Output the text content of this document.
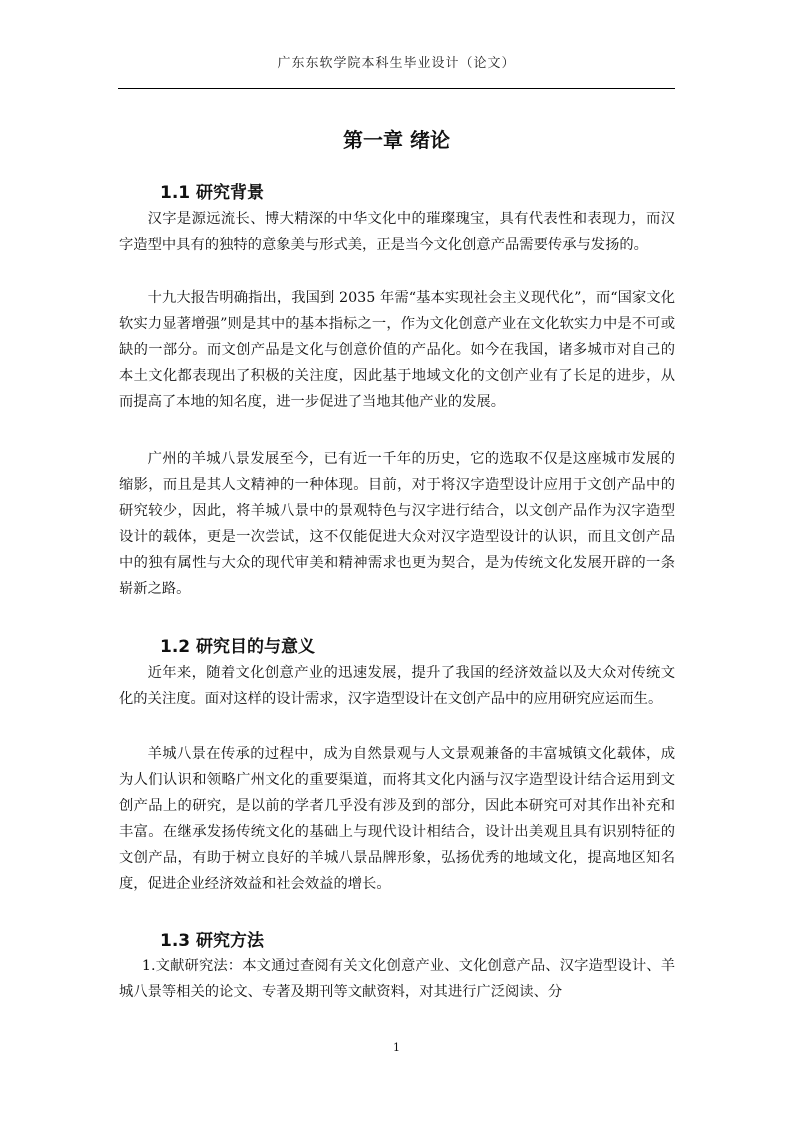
广东东软学院本科生毕业设计（论文）
第一章 绪论
1.1 研究背景

汉字是源远流长、博大精深的中华文化中的璀璨瑰宝，具有代表性和表现力，而汉字造型中具有的独特的意象美与形式美，正是当今文化创意产品需要传承与发扬的。

十九大报告明确指出，我国到 2035 年需“基本实现社会主义现代化”，而“国家文化软实力显著增强”则是其中的基本指标之一，作为文化创意产业在文化软实力中是不可或缺的一部分。而文创产品是文化与创意价值的产品化。如今在我国，诸多城市对自己的本土文化都表现出了积极的关注度，因此基于地域文化的文创产业有了长足的进步，从而提高了本地的知名度，进一步促进了当地其他产业的发展。

广州的羊城八景发展至今，已有近一千年的历史，它的选取不仅是这座城市发展的缩影，而且是其人文精神的一种体现。目前，对于将汉字造型设计应用于文创产品中的研究较少，因此，将羊城八景中的景观特色与汉字进行结合，以文创产品作为汉字造型设计的载体，更是一次尝试，这不仅能促进大众对汉字造型设计的认识，而且文创产品中的独有属性与大众的现代审美和精神需求也更为契合，是为传统文化发展开辟的一条崭新之路。

1.2 研究目的与意义

近年来，随着文化创意产业的迅速发展，提升了我国的经济效益以及大众对传统文化的关注度。面对这样的设计需求，汉字造型设计在文创产品中的应用研究应运而生。

羊城八景在传承的过程中，成为自然景观与人文景观兼备的丰富城镇文化载体，成为人们认识和领略广州文化的重要渠道，而将其文化内涵与汉字造型设计结合运用到文创产品上的研究，是以前的学者几乎没有涉及到的部分，因此本研究可对其作出补充和丰富。在继承发扬传统文化的基础上与现代设计相结合，设计出美观且具有识别特征的文创产品，有助于树立良好的羊城八景品牌形象，弘扬优秀的地域文化，提高地区知名度，促进企业经济效益和社会效益的增长。

1.3 研究方法

1.文献研究法：本文通过查阅有关文化创意产业、文化创意产品、汉字造型设计、羊城八景等相关的论文、专著及期刊等文献资料，对其进行广泛阅读、分

1
